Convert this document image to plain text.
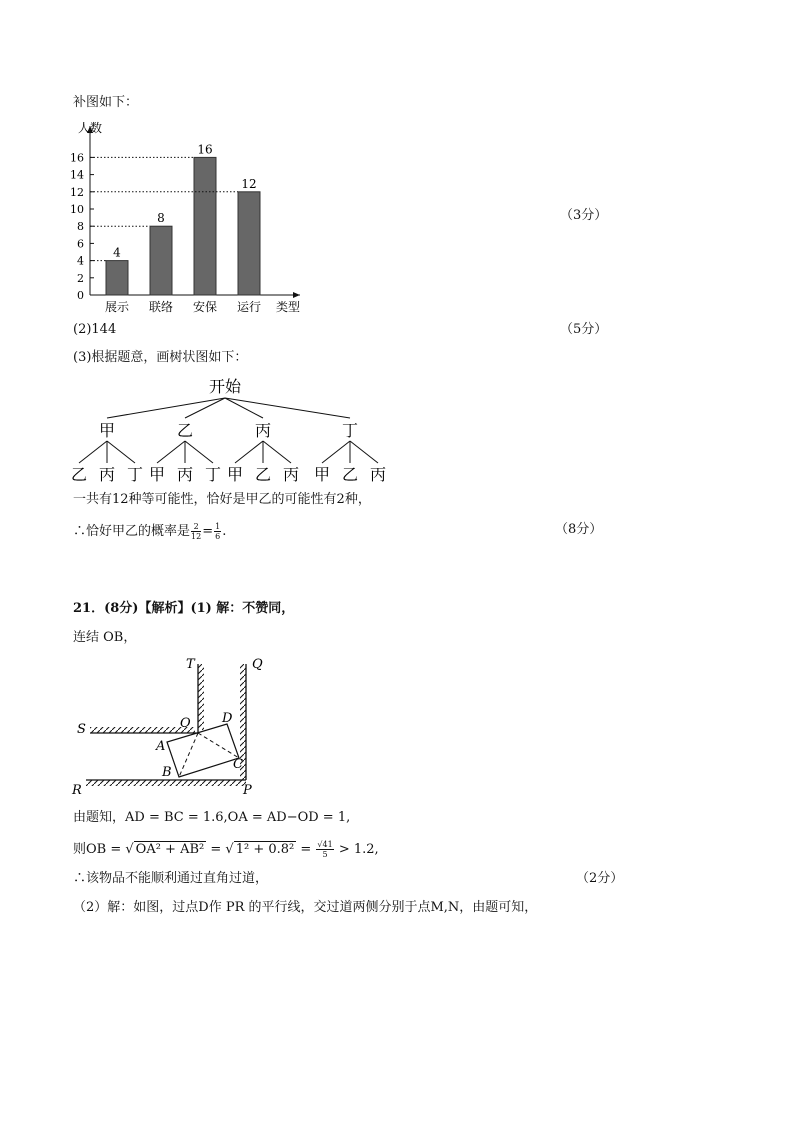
补图如下：
人数
类型
0
2
4
6
8
10
12
14
16
4
展示
8
联络
16
安保
12
运行
（3分）
(2)144	（5分）
(3)根据题意，画树状图如下：
开始
甲
乙 丙 丁
乙
甲 丙 丁
丙
甲 乙 丙
丁
甲 乙 丙
一共有12种等可能性，恰好是甲乙的可能性有2种，
∴恰好甲乙的概率是 $\frac{2}{12} = \frac{1}{6}$ .	（8分）
21．(8分)【解析】(1) 解：不赞同，
连结 OB，
T	Q
S	O D
A
B
C
R	P
由题知，AD = BC = 1.6,OA = AD−OD = 1,
则OB = √ OA² + AB² = √ $1^2 + 0.8^2 = \frac{√41}{5} > 1.2$,
∴该物品不能顺利通过直角过道，	（2分）
（2）解：如图，过点D作 PR 的平行线，交过道两侧分别于点M,N，由题可知，
